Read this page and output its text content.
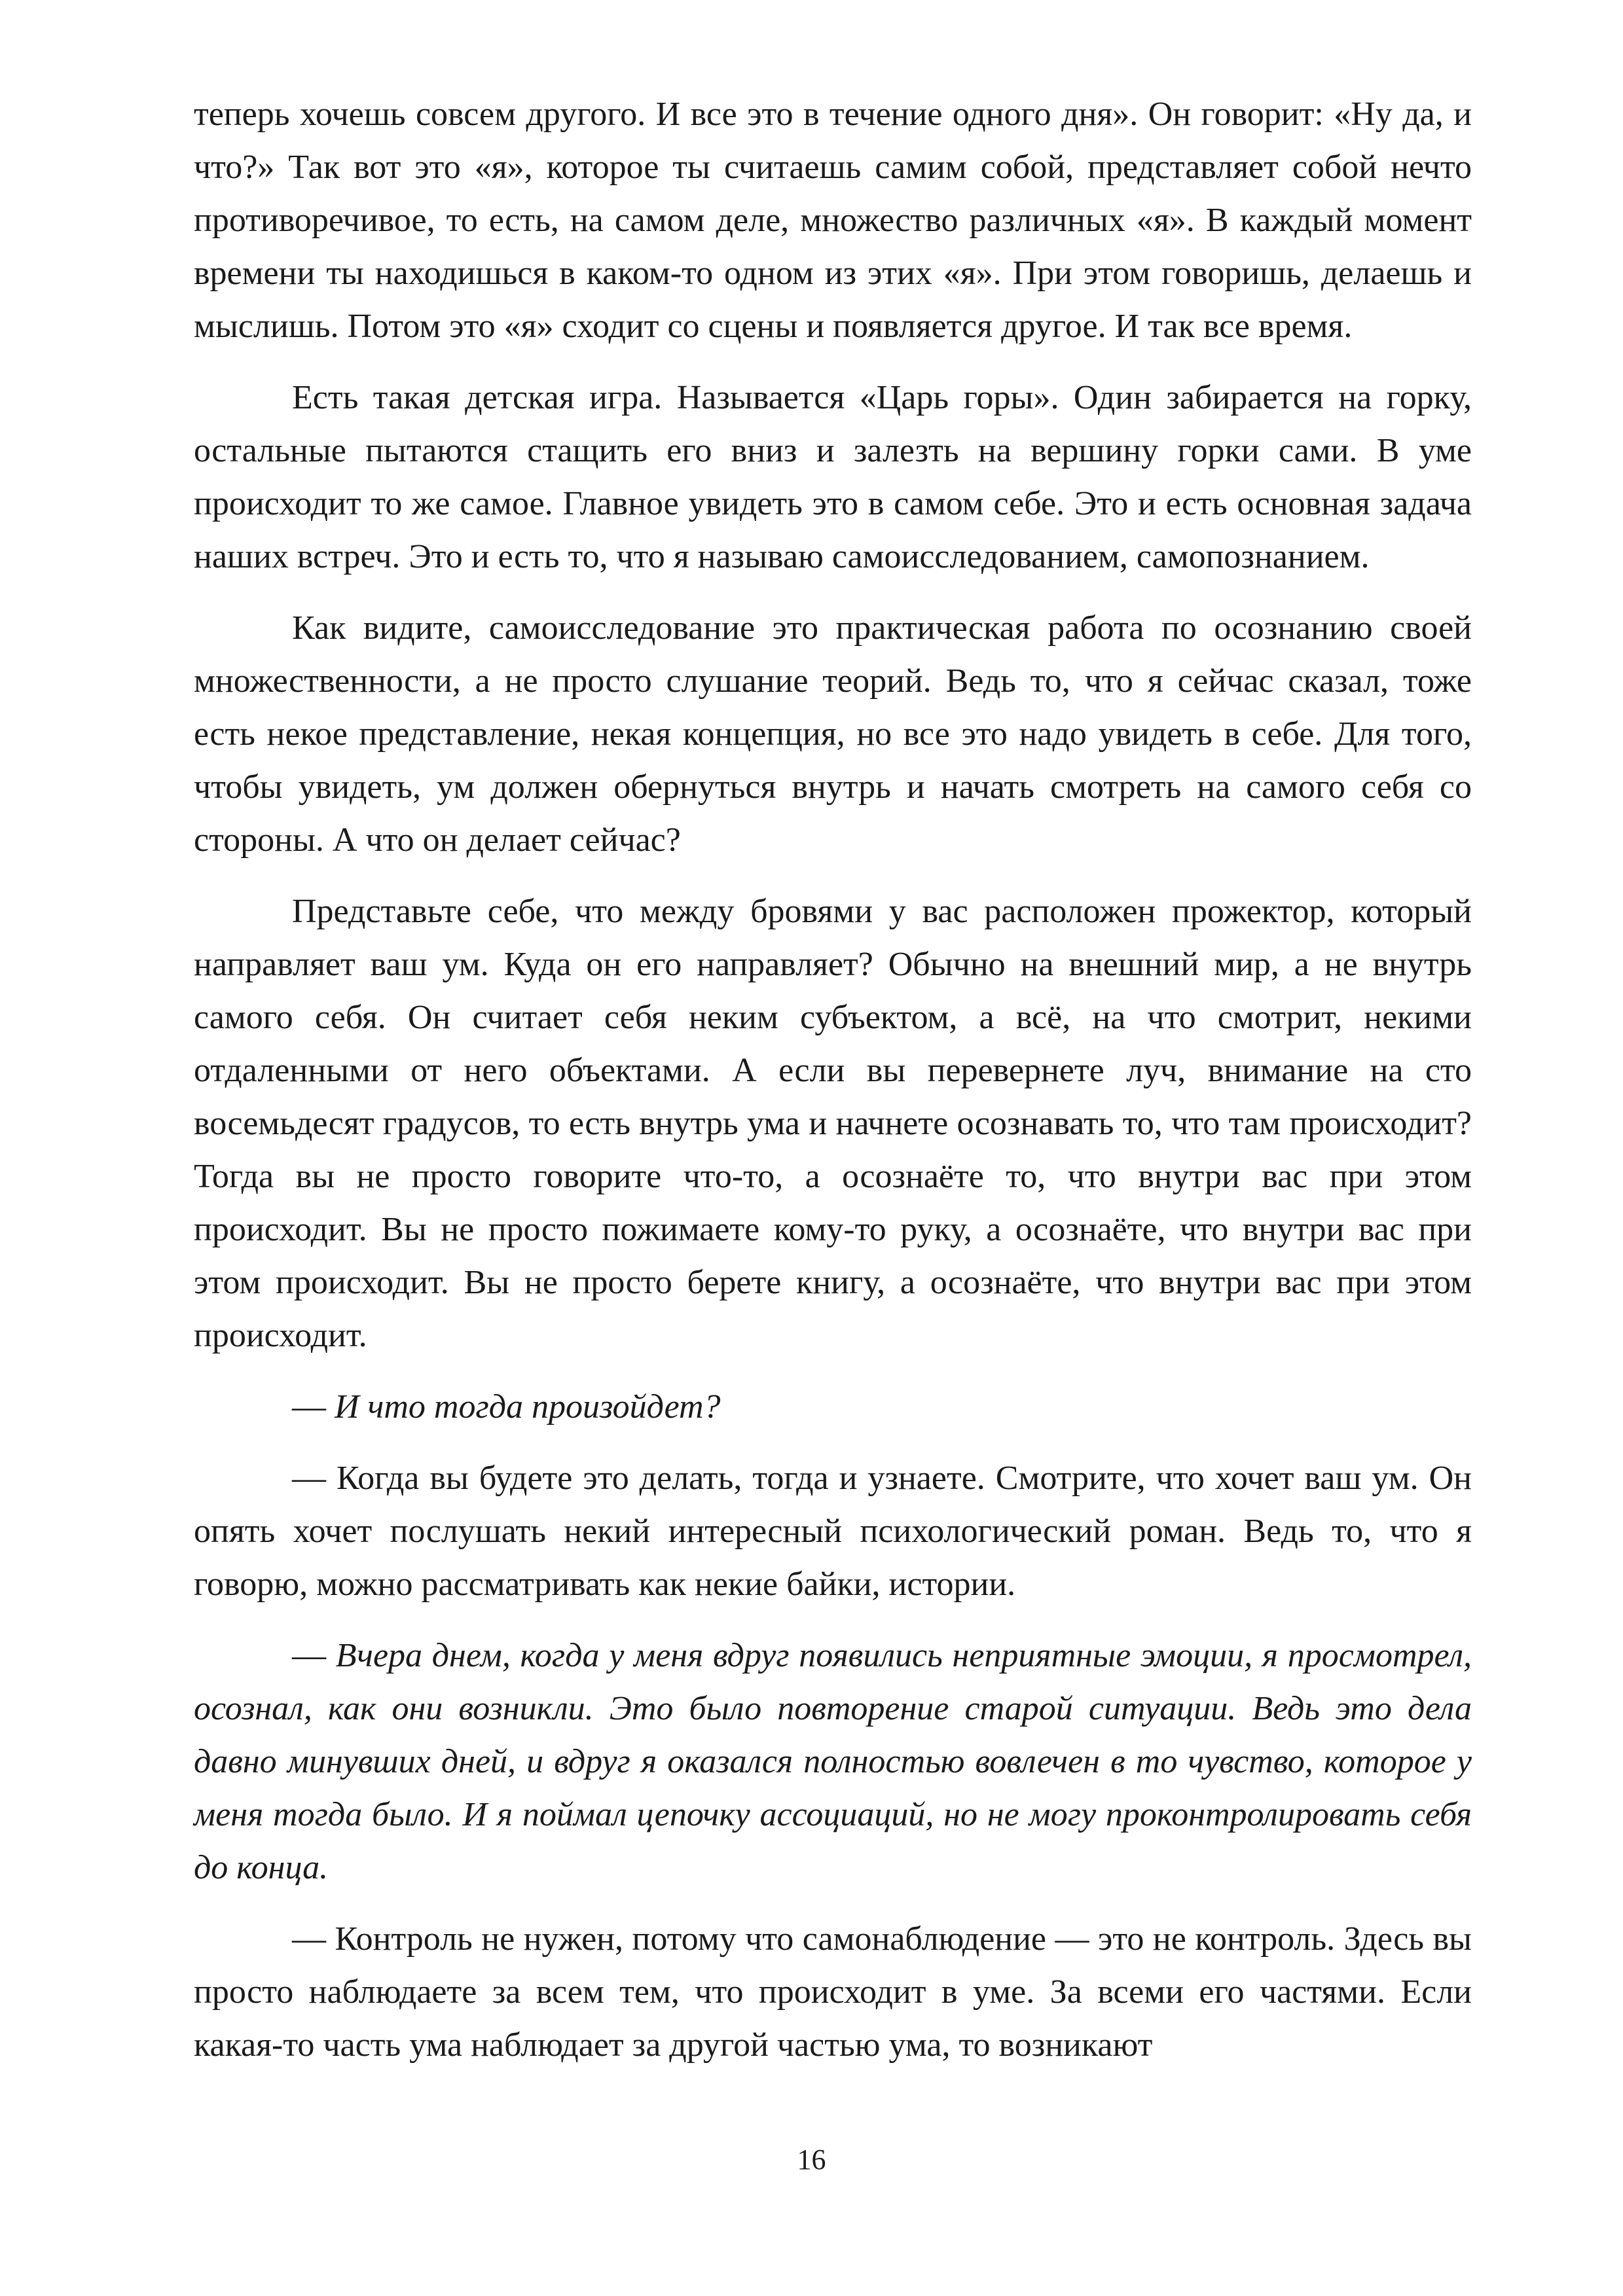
теперь хочешь совсем другого. И все это в течение одного дня». Он говорит: «Ну да, и что?» Так вот это «я», которое ты считаешь самим собой, представляет собой нечто противоречивое, то есть, на самом деле, множество различных «я». В каждый момент времени ты находишься в каком-то одном из этих «я». При этом говоришь, делаешь и мыслишь. Потом это «я» сходит со сцены и появляется другое. И так все время.

Есть такая детская игра. Называется «Царь горы». Один забирается на горку, остальные пытаются стащить его вниз и залезть на вершину горки сами. В уме происходит то же самое. Главное увидеть это в самом себе. Это и есть основная задача наших встреч. Это и есть то, что я называю самоисследованием, самопознанием.

Как видите, самоисследование это практическая работа по осознанию своей множественности, а не просто слушание теорий. Ведь то, что я сейчас сказал, тоже есть некое представление, некая концепция, но все это надо увидеть в себе. Для того, чтобы увидеть, ум должен обернуться внутрь и начать смотреть на самого себя со стороны. А что он делает сейчас?

Представьте себе, что между бровями у вас расположен прожектор, который направляет ваш ум. Куда он его направляет? Обычно на внешний мир, а не внутрь самого себя. Он считает себя неким субъектом, а всё, на что смотрит, некими отдаленными от него объектами. А если вы перевернете луч, внимание на сто восемьдесят градусов, то есть внутрь ума и начнете осознавать то, что там происходит? Тогда вы не просто говорите что-то, а осознаёте то, что внутри вас при этом происходит. Вы не просто пожимаете кому-то руку, а осознаёте, что внутри вас при этом происходит. Вы не просто берете книгу, а осознаёте, что внутри вас при этом происходит.

— И что тогда произойдет?

— Когда вы будете это делать, тогда и узнаете. Смотрите, что хочет ваш ум. Он опять хочет послушать некий интересный психологический роман. Ведь то, что я говорю, можно рассматривать как некие байки, истории.

— Вчера днем, когда у меня вдруг появились неприятные эмоции, я просмотрел, осознал, как они возникли. Это было повторение старой ситуации. Ведь это дела давно минувших дней, и вдруг я оказался полностью вовлечен в то чувство, которое у меня тогда было. И я поймал цепочку ассоциаций, но не могу проконтролировать себя до конца.

— Контроль не нужен, потому что самонаблюдение — это не контроль. Здесь вы просто наблюдаете за всем тем, что происходит в уме. За всеми его частями. Если какая-то часть ума наблюдает за другой частью ума, то возникают

16
